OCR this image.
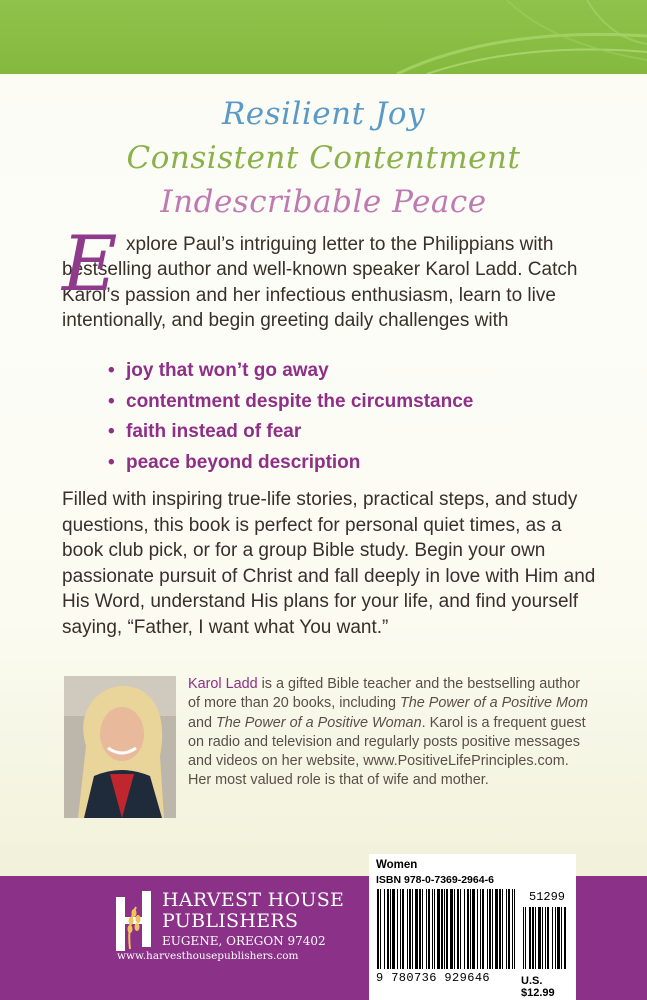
Resilient Joy
Consistent Contentment
Indescribable Peace
E xplore Paul’s intriguing letter to the Philippians with bestselling author and well-known speaker Karol Ladd. Catch Karol’s passion and her infectious enthusiasm, learn to live intentionally, and begin greeting daily challenges with

• joy that won’t go away
• contentment despite the circumstance
• faith instead of fear
• peace beyond description

Filled with inspiring true-life stories, practical steps, and study questions, this book is perfect for personal quiet times, as a book club pick, or for a group Bible study. Begin your own passionate pursuit of Christ and fall deeply in love with Him and His Word, understand His plans for your life, and find yourself saying, “Father, I want what You want.”

Karol Ladd is a gifted Bible teacher and the bestselling author of more than 20 books, including The Power of a Positive Mom and The Power of a Positive Woman. Karol is a frequent guest on radio and television and regularly posts positive messages and videos on her website, www.PositiveLifePrinciples.com. Her most valued role is that of wife and mother.

HARVEST HOUSE
PUBLISHERS
EUGENE, OREGON 97402
www.harvesthousepublishers.com
Women
ISBN 978-0-7369-2964-6
51299
9 780736 929646	U.S. $12.99
